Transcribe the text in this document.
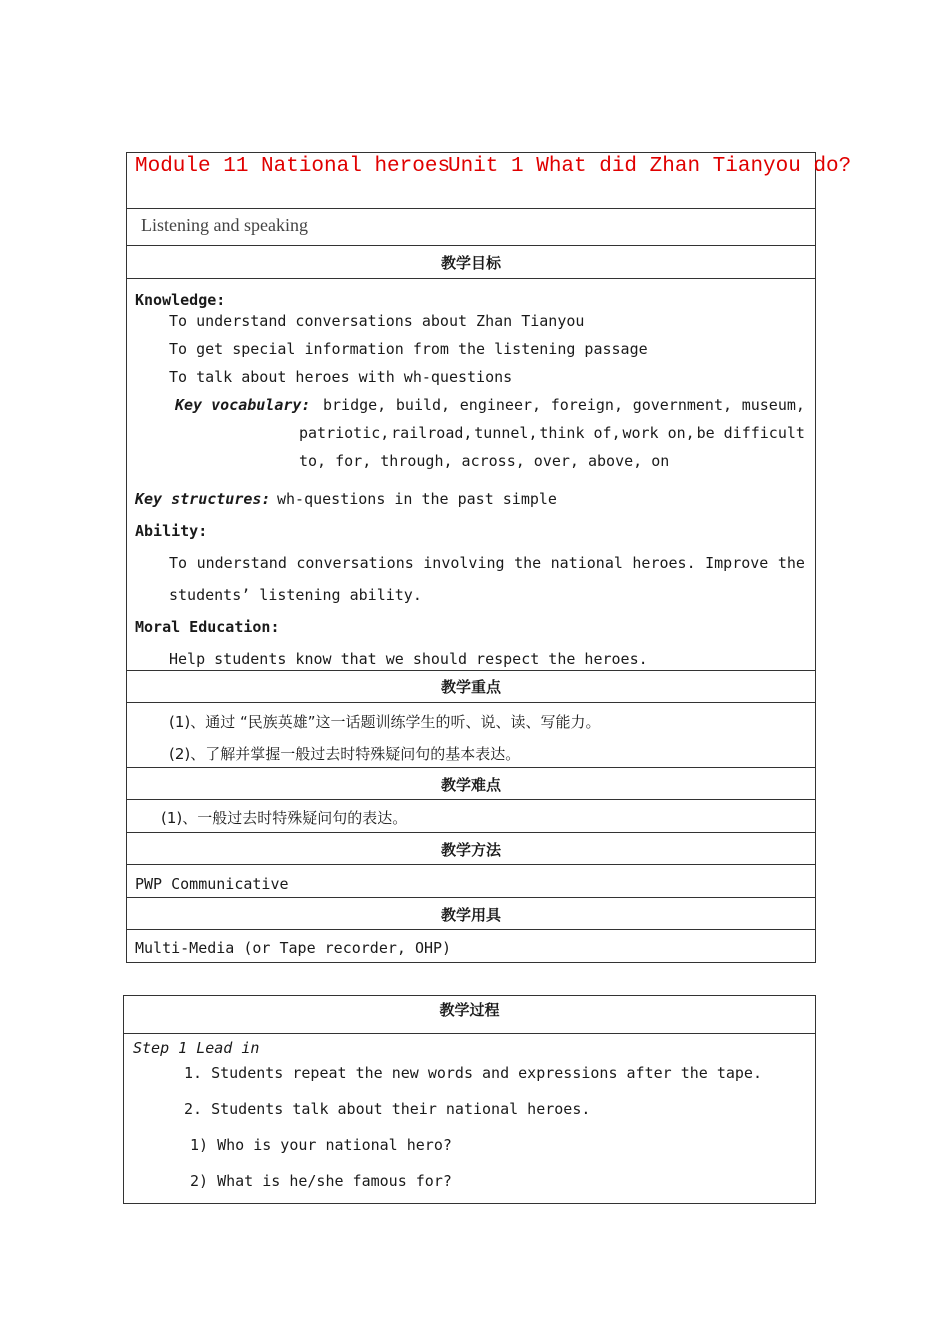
Module 11 National heroes
Unit 1 What did Zhan Tianyou do?
Listening and speaking
教学目标
Knowledge:
To understand conversations about Zhan Tianyou
To get special information from the listening passage
To talk about heroes with wh-questions
Key vocabulary: bridge, build, engineer, foreign, government, museum,
patriotic, railroad, tunnel, think of, work on, be difficult
to, for, through, across, over, above, on
Key structures: wh-questions in the past simple
Ability:
To understand conversations involving the national heroes. Improve the
students’ listening ability.
Moral Education:
Help students know that we should respect the heroes.
教学重点
(1)、通过 “民族英雄”这一话题训练学生的听、说、读、写能力。
(2)、了解并掌握一般过去时特殊疑问句的基本表达。
教学难点
(1)、一般过去时特殊疑问句的表达。
教学方法
PWP Communicative
教学用具
Multi-Media (or Tape recorder, OHP)
教学过程
Step 1 Lead in
1. Students repeat the new words and expressions after the tape.
2. Students talk about their national heroes.
1) Who is your national hero?
2) What is he/she famous for?
